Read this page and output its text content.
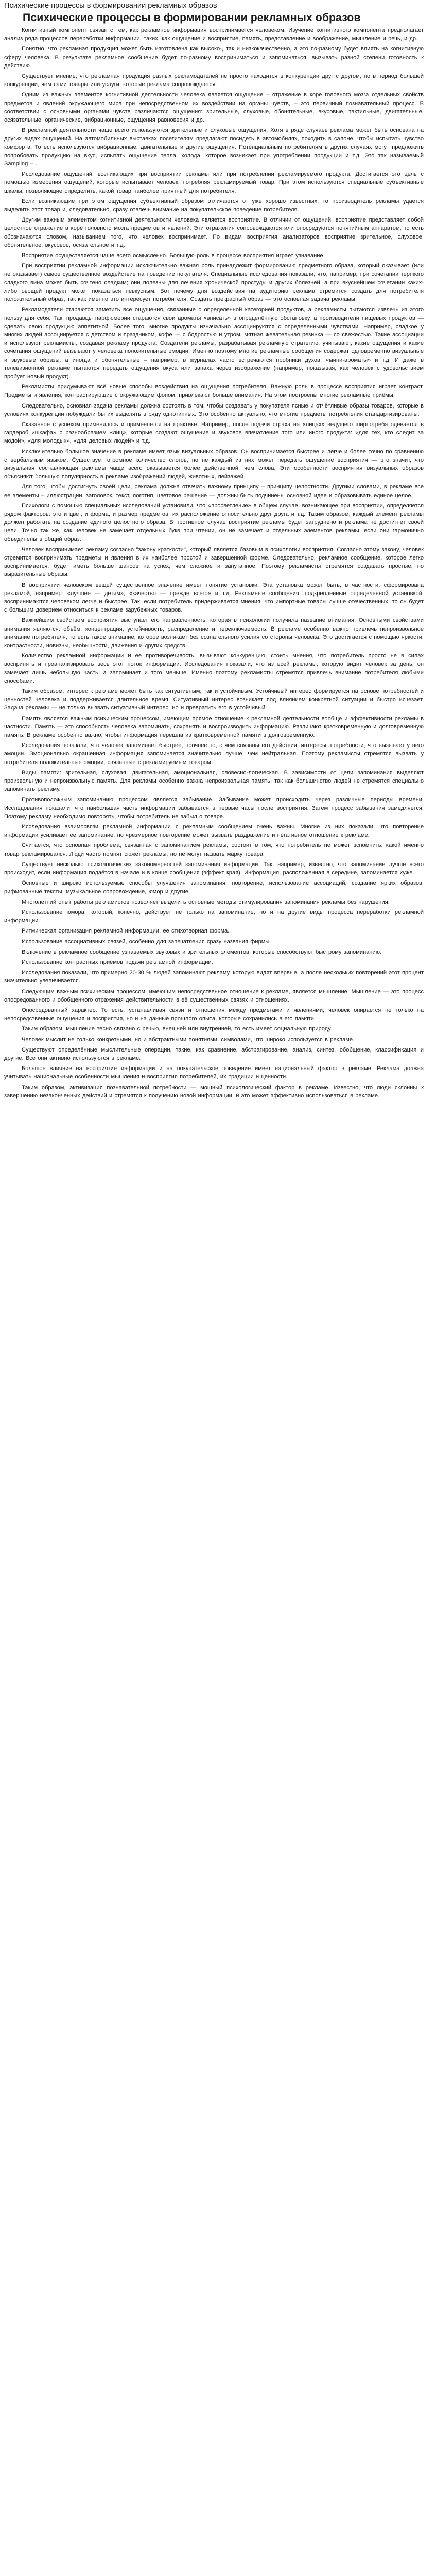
Психические процессы в формировании рекламных образов
Психические процессы в формировании рекламных образов

Когнитивный компонент связан с тем, как рекламное информация воспринимается человеком. Изучение когнитивного компонента предполагает анализ ряда процессов переработки информации, таких, как ощущение и восприятие, память, представление и воображение, мышление и речь, и др.

Понятно, что рекламная продукция может быть изготовлена как высоко-, так и низкокачественно, а это по-разному будет влиять на когнитивную сферу человека. В результате рекламное сообщение будет по-разному восприниматься и запоминаться, вызывать разной степени готовность к действию.

Существует мнение, что рекламная продукция разных рекламодателей не просто находится в конкуренции друг с другом, но в период большей конкуренции, чем сами товары или услуги, которые реклама сопровождается.

Одним из важных элементов когнитивной деятельности человека является ощущение – отражение в коре головного мозга отдельных свойств предметов и явлений окружающего мира при непосредственном их воздействии на органы чувств, – это первичный познавательный процесс. В соответствии с основными органами чувств различаются ощущения: зрительные, слуховые, обонятельные, вкусовые, тактильные, двигательные, осязательные, органические, вибрационные, ощущения равновесия и др.

В рекламной деятельности чаще всего используются зрительные и слуховые ощущения. Хотя в ряде случаев реклама может быть основана на других видах ощущений. На автомобильных выставках посетителям предлагают посидеть в автомобилях, походить в салоне, чтобы испытать чувство комфорта. То есть используются вибрационные, двигательные и другие ощущения. Потенциальным потребителям в других случаях могут предложить попробовать продукцию на вкус, испытать ощущение тепла, холода, которое возникает при употреблении продукции и т.д. Это так называемый Sampling – .

Исследование ощущений, возникающих при восприятии рекламы или при потреблении рекламируемого продукта. Достигается это цель с помощью измерения ощущений, которые испытывает человек, потребляя рекламируемый товар. При этом используются специальные субъективные шкалы, позволяющие определить, какой товар наиболее приятный для потребителя.

Если возникающие при этом ощущения субъективный образом отличаются от уже хорошо известных, то производитель рекламы удается выделить этот товар и, следовательно, сразу отвлечь внимание на покупательское поведение потребителя.

Другим важным элементом когнитивной деятельности человека является восприятие. В отличии от ощущений, восприятие представляет собой целостное отражение в коре головного мозга предметов и явлений. Эти отражения сопровождаются или опосредуются понятийным аппаратом, то есть обозначаются словом, называнием того, что человек воспринимает. По видам восприятия анализаторов восприятие зрительное, слуховое, обонятельное, вкусовое, осязательное и т.д.

Восприятие осуществляется чаще всего осмысленно. Большую роль в процессе восприятия играет узнавание.

При восприятии рекламной информации исключительно важная роль принадлежит формированию предметного образа, который оказывает (или не оказывает) самое существенное воздействие на поведение покупателя. Специальные исследования показали, что, например, при сочетании терпкого сладкого вина может быть сочтено сладким; они полезны для лечения хронической простуды и других болезней, а при вкуснейшем сочетании каких-либо овощей продукт может показаться невкусным. Вот почему для воздействия на аудиторию реклама стремится создать для потребителя положительный образ, так как именно это интересует потребителя. Создать прекрасный образ — это основная задача рекламы.

Рекламодатели стараются заметить все ощущения, связанные с определенной категорией продуктов, а рекламисты пытаются извлечь из этого пользу для себя. Так, продавцы парфюмерии стараются свои ароматы «вписать» в определённую обстановку, а производители пищевых продуктов — сделать свою продукцию аппетитной. Более того, многие продукты изначально ассоциируются с определенными чувствами. Например, сладкое у многих людей ассоциируется с детством и праздником, кофе — с бодростью и утром, мятная жевательная резинка — со свежестью. Такие ассоциации и используют рекламисты, создавая рекламу продукта. Создатели рекламы, разрабатывая рекламную стратегию, учитывают, какие ощущения и какие сочетания ощущений вызывают у человека положительные эмоции. Именно поэтому многие рекламные сообщения содержат одновременно визуальные и звуковые образы, а иногда и обонятельные – например, в журналах часто встречаются пробники духов, «мини-ароматы» и т.д. И даже в телевизионной рекламе пытаются передать ощущения вкуса или запаха через изображение (например, показывая, как человек с удовольствием пробует новый продукт).

Рекламисты придумывают всё новые способы воздействия на ощущения потребителя. Важную роль в процессе восприятия играет контраст. Предметы и явления, контрастирующие с окружающим фоном, привлекают больше внимания. На этом построены многие рекламные приёмы.

Следовательно, основная задача рекламы должна состоять в том, чтобы создавать у покупателя ясные и отчётливые образы товаров, которые в условиях конкуренции побуждали бы их выделять в ряду однотипных. Это особенно актуально, что многие предметы потребления стандартизированы.

Сказанное с успехом применялось и применяется на практике. Например, после подачи страха на «лицах» ведущего ширпотреба одевается в гардероб «шкафа» с разнообразием «лиц», которые создают ощущение и звуковое впечатление того или иного продукта: «для тех, кто следит за модой», «для молодых», «для деловых людей» и т.д.

Исключительно большое значение в рекламе имеет язык визуальных образов. Он воспринимается быстрее и легче и более точно по сравнению с вербальным языком. Существует огромное количество слогов, но не каждый из них может передать ощущение восприятия — это значит, что визуальная составляющая рекламы чаще всего оказывается более действенной, чем слова. Эти особенности восприятия визуальных образов объясняют большую популярность в рекламе изображений людей, животных, пейзажей.

Для того, чтобы достигнуть своей цели, реклама должна отвечать важному принципу – принципу целостности. Другими словами, в рекламе все ее элементы – иллюстрации, заголовок, текст, логотип, цветовое решение — должны быть подчинены основной идее и образовывать единое целое.

Психологи с помощью специальных исследований установили, что «просветление» в общем случае, возникающее при восприятии, определяется рядом факторов: это и цвет, и форма, и размер предметов, их расположение относительно друг друга и т.д. Таким образом, каждый элемент рекламы должен работать на создание единого целостного образа. В противном случае восприятие рекламы будет затруднено и реклама не достигнет своей цели. Точно так же, как человек не замечает отдельных букв при чтении, он не замечает и отдельных элементов рекламы, если они гармонично объединены в общий образ.

Человек воспринимает рекламу согласно "закону краткости", который является базовым в психологии восприятия. Согласно этому закону, человек стремится воспринимать предметы и явления в их наиболее простой и завершенной форме. Следовательно, рекламное сообщение, которое легко воспринимается, будет иметь больше шансов на успех, чем сложное и запутанное. Поэтому рекламисты стремятся создавать простые, но выразительные образы.

В восприятии человеком вещей существенное значение имеет понятие установки. Эта установка может быть, в частности, сформирована рекламой, например: «лучшее — детям», «качество — прежде всего» и т.д. Рекламные сообщения, подкрепленные определенной установкой, воспринимаются человеком легче и быстрее. Так, если потребитель придерживается мнения, что импортные товары лучше отечественных, то он будет с большим доверием относиться к рекламе зарубежных товаров.

Важнейшим свойством восприятия выступает его направленность, которая в психологии получила название внимания. Основными свойствами внимания являются: объём, концентрация, устойчивость, распределение и переключаемость. В рекламе особенно важно привлечь непроизвольное внимание потребителя, то есть такое внимание, которое возникает без сознательного усилия со стороны человека. Это достигается с помощью яркости, контрастности, новизны, необычности, движения и других средств.

Количество рекламной информации и ее противоречивость, вызывают конкуренцию, стоить мнения, что потребитель просто не в силах воспринять и проанализировать весь этот поток информации. Исследования показали, что из всей рекламы, которую видит человек за день, он замечает лишь небольшую часть, а запоминает и того меньше. Именно поэтому рекламисты стремятся привлечь внимание потребителя любыми способами.

Таким образом, интерес к рекламе может быть как ситуативным, так и устойчивым. Устойчивый интерес формируется на основе потребностей и ценностей человека и поддерживается длительное время. Ситуативный интерес возникает под влиянием конкретной ситуации и быстро исчезает. Задача рекламы — не только вызвать ситуативный интерес, но и превратить его в устойчивый.

Память является важным психическим процессом, имеющим прямое отношение к рекламной деятельности вообще и эффективности рекламы в частности. Память — это способность человека запоминать, сохранять и воспроизводить информацию. Различают кратковременную и долговременную память. В рекламе особенно важно, чтобы информация перешла из кратковременной памяти в долговременную.

Исследования показали, что человек запоминает быстрее, прочнее то, с чем связаны его действия, интересы, потребности, что вызывает у него эмоции. Эмоционально окрашенная информация запоминается значительно лучше, чем нейтральная. Поэтому рекламисты стремятся вызвать у потребителя положительные эмоции, связанные с рекламируемым товаром.

Виды памяти: зрительная, слуховая, двигательная, эмоциональная, словесно-логическая. В зависимости от цели запоминания выделяют произвольную и непроизвольную память. Для рекламы особенно важна непроизвольная память, так как большинство людей не стремятся специально запоминать рекламу.

Противоположным запоминанию процессом является забывание. Забывание может происходить через различные периоды времени. Исследования показали, что наибольшая часть информации забывается в первые часы после восприятия. Затем процесс забывания замедляется. Поэтому рекламу необходимо повторять, чтобы потребитель не забыл о товаре.

Исследования взаимосвязи рекламной информации с рекламным сообщением очень важны. Многие из них показали, что повторение информации усиливает ее запоминание, но чрезмерное повторение может вызвать раздражение и негативное отношение к рекламе.

Считается, что основная проблема, связанная с запоминанием рекламы, состоит в том, что потребитель не может вспомнить, какой именно товар рекламировался. Люди часто помнят сюжет рекламы, но не могут назвать марку товара.

Существует несколько психологических закономерностей запоминания информации. Так, например, известно, что запоминание лучше всего происходит, если информация подаётся в начале и в конце сообщения (эффект края). Информация, расположенная в середине, запоминается хуже.

Основные и широко используемые способы улучшения запоминания: повторение, использование ассоциаций, создание ярких образов, рифмованные тексты, музыкальное сопровождение, юмор и другие.

Многолетний опыт работы рекламистов позволяет выделить основные методы стимулирования запоминания рекламы без нарушения:

Использование юмора, который, конечно, действует не только на запоминание, но и на другие виды процесса переработки рекламной информации.

Ритмическая организация рекламной информации, ее стихотворная форма.

Использование ассоциативных связей, особенно для запечатления сразу названия фирмы.

Включение в рекламное сообщение узнаваемых звуковых и зрительных элементов, которые способствуют быстрому запоминанию.

Использование контрастных приёмов подачи рекламной информации.

Исследования показали, что примерно 20-30 % людей запоминают рекламу, которую видят впервые, а после нескольких повторений этот процент значительно увеличивается.

Следующим важным психическим процессом, имеющим непосредственное отношение к рекламе, является мышление. Мышление — это процесс опосредованного и обобщенного отражения действительности в её существенных связях и отношениях.

Опосредованный характер. То есть, устанавливая связи и отношения между предметами и явлениями, человек опирается не только на непосредственные ощущения и восприятия, но и на данные прошлого опыта, которые сохранились в его памяти.

Таким образом, мышление тесно связано с речью, внешней или внутренней, то есть имеет социальную природу.

Человек мыслит не только конкретными, но и абстрактными понятиями, символами, что широко используется в рекламе.

Существуют определённые мыслительные операции, такие, как сравнение, абстрагирование, анализ, синтез, обобщение, классификация и другие. Все они активно используются в рекламе.

Большое влияние на восприятие информации и на покупательское поведение имеет национальный фактор в рекламе. Реклама должна учитывать национальные особенности мышления и восприятия потребителей, их традиции и ценности.

Таким образом, активизация познавательной потребности — мощный психологический фактор в рекламе. Известно, что люди склонны к завершению незаконченных действий и стремятся к получению новой информации, и это может эффективно использоваться в рекламе.
